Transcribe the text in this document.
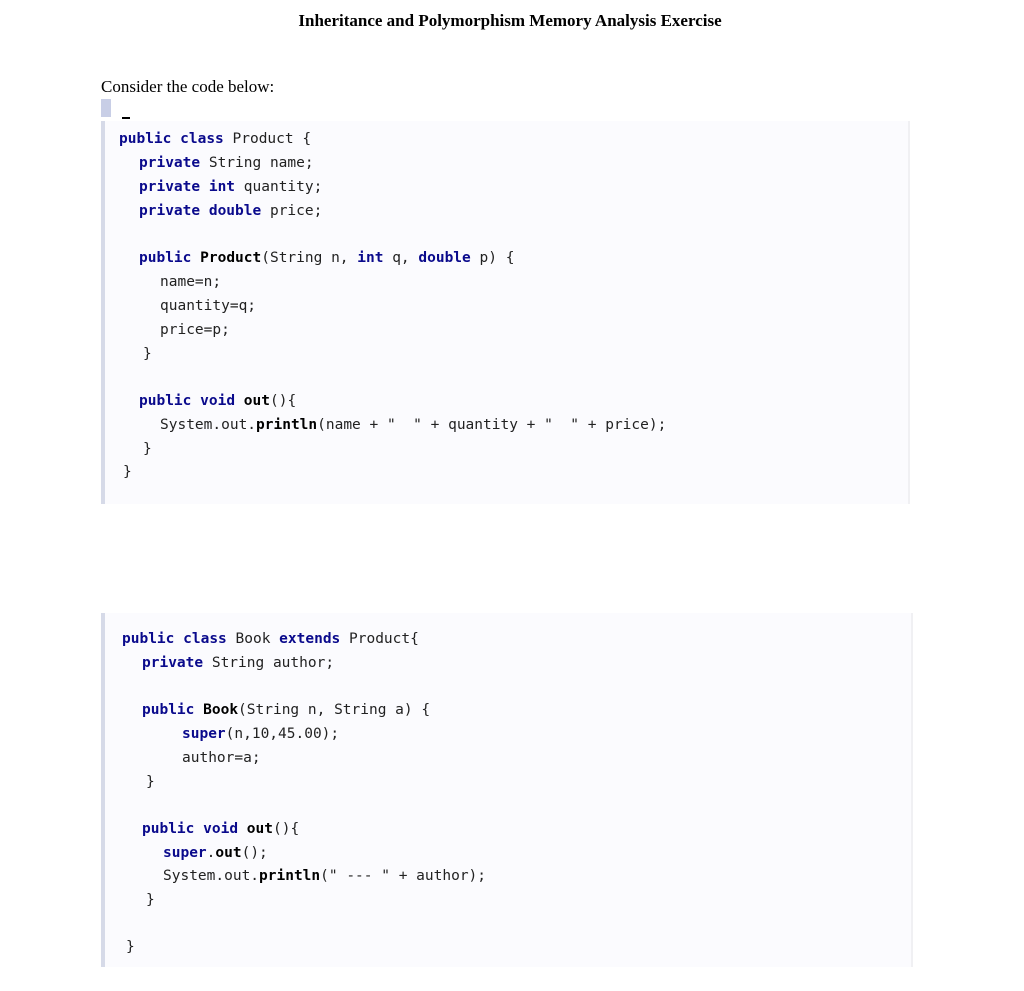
Inheritance and Polymorphism Memory Analysis Exercise
Consider the code below:
public class Product {
private String name;
private int quantity;
private double price;
public Product(String n, int q, double p) {
name=n;
quantity=q;
price=p;
}
public void out(){
System.out.println(name + "  " + quantity + "  " + price);
}
}
public class Book extends Product{
private String author;
public Book(String n, String a) {
super(n,10,45.00);
author=a;
}
public void out(){
super.out();
System.out.println(" --- " + author);
}
}
